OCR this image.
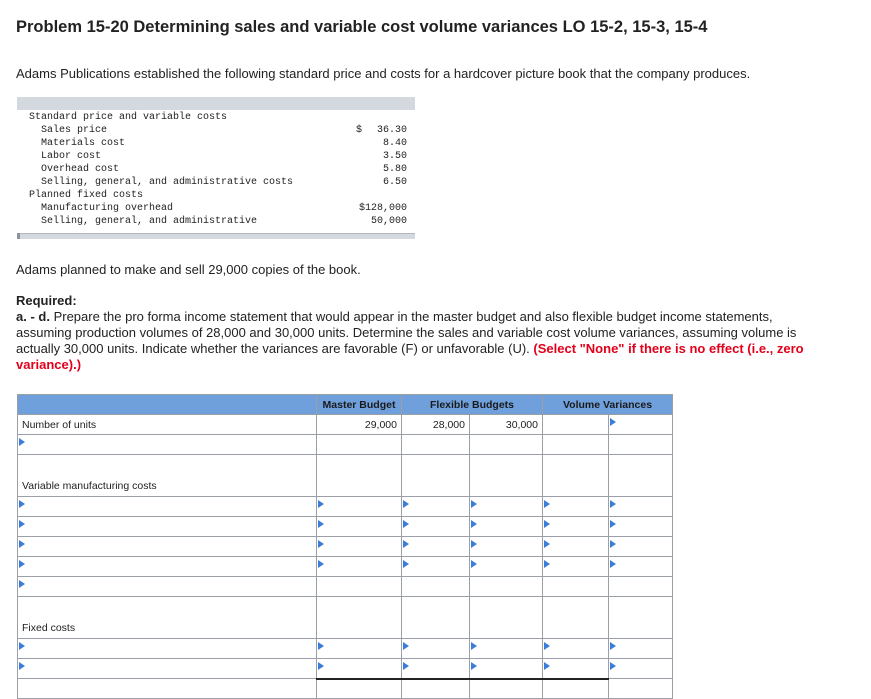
Problem 15-20 Determining sales and variable cost volume variances LO 15-2, 15-3, 15-4
Adams Publications established the following standard price and costs for a hardcover picture book that the company produces.
Standard price and variable costs
Sales price	$ 36.30
Materials cost	8.40
Labor cost	3.50
Overhead cost	5.80
Selling, general, and administrative costs	6.50
Planned fixed costs
Manufacturing overhead	$128,000
Selling, general, and administrative	50,000
Adams planned to make and sell 29,000 copies of the book.
Required:
a. - d. Prepare the pro forma income statement that would appear in the master budget and also flexible budget income statements, assuming production volumes of 28,000 and 30,000 units. Determine the sales and variable cost volume variances, assuming volume is actually 30,000 units. Indicate whether the variances are favorable (F) or unfavorable (U). (Select "None" if there is no effect (i.e., zero variance).)
	Master Budget	Flexible Budgets		Volume Variances	
Number of units	29,000	28,000	30,000		

Variable manufacturing costs					

Fixed costs					
